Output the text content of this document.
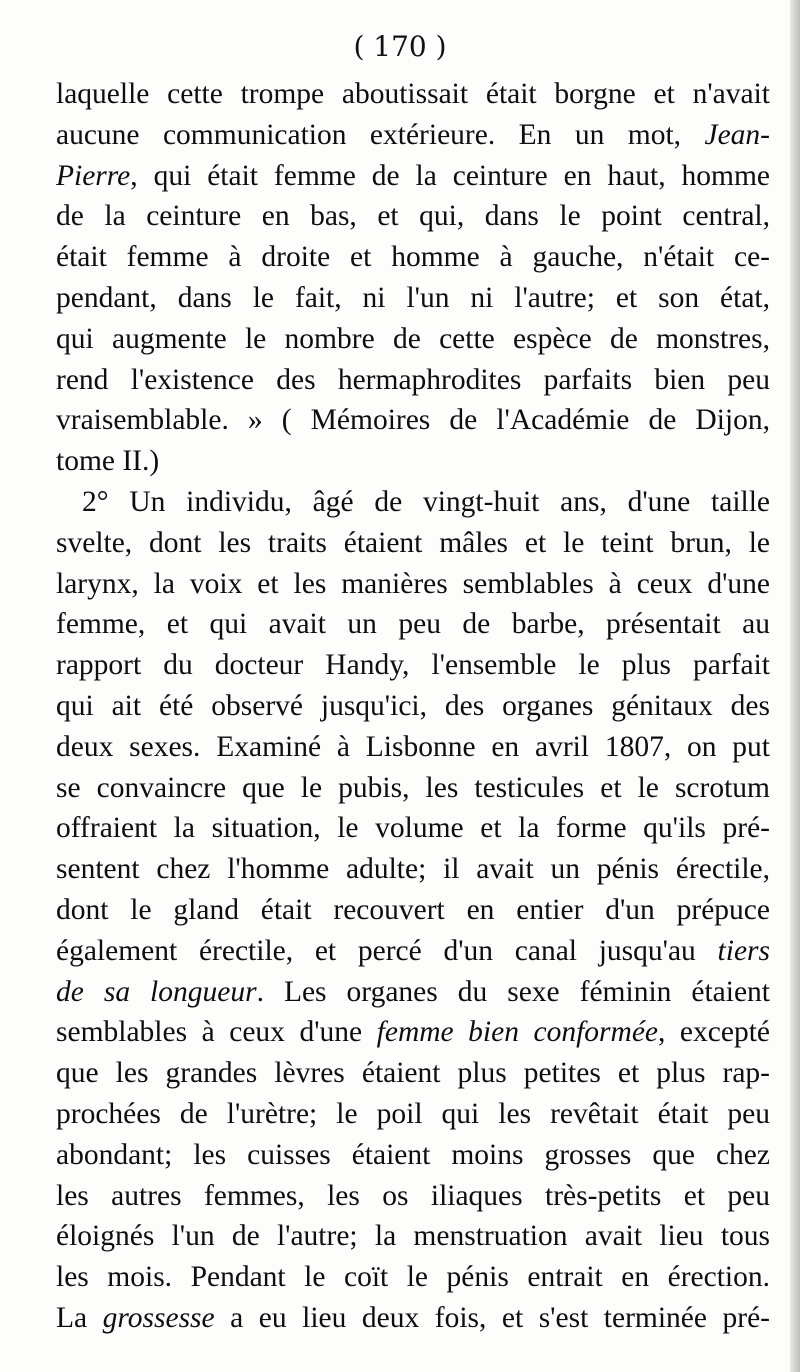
( 170 )
laquelle cette trompe aboutissait était borgne et n'avait
aucune communication extérieure. En un mot, Jean-
Pierre, qui était femme de la ceinture en haut, homme
de la ceinture en bas, et qui, dans le point central,
était femme à droite et homme à gauche, n'était ce-
pendant, dans le fait, ni l'un ni l'autre; et son état,
qui augmente le nombre de cette espèce de monstres,
rend l'existence des hermaphrodites parfaits bien peu
vraisemblable. » ( Mémoires de l'Académie de Dijon,
tome II.)
2° Un individu, âgé de vingt-huit ans, d'une taille
svelte, dont les traits étaient mâles et le teint brun, le
larynx, la voix et les manières semblables à ceux d'une
femme, et qui avait un peu de barbe, présentait au
rapport du docteur Handy, l'ensemble le plus parfait
qui ait été observé jusqu'ici, des organes génitaux des
deux sexes. Examiné à Lisbonne en avril 1807, on put
se convaincre que le pubis, les testicules et le scrotum
offraient la situation, le volume et la forme qu'ils pré-
sentent chez l'homme adulte; il avait un pénis érectile,
dont le gland était recouvert en entier d'un prépuce
également érectile, et percé d'un canal jusqu'au tiers
de sa longueur. Les organes du sexe féminin étaient
semblables à ceux d'une femme bien conformée, excepté
que les grandes lèvres étaient plus petites et plus rap-
prochées de l'urètre; le poil qui les revêtait était peu
abondant; les cuisses étaient moins grosses que chez
les autres femmes, les os iliaques très-petits et peu
éloignés l'un de l'autre; la menstruation avait lieu tous
les mois. Pendant le coït le pénis entrait en érection.
La grossesse a eu lieu deux fois, et s'est terminée pré-
